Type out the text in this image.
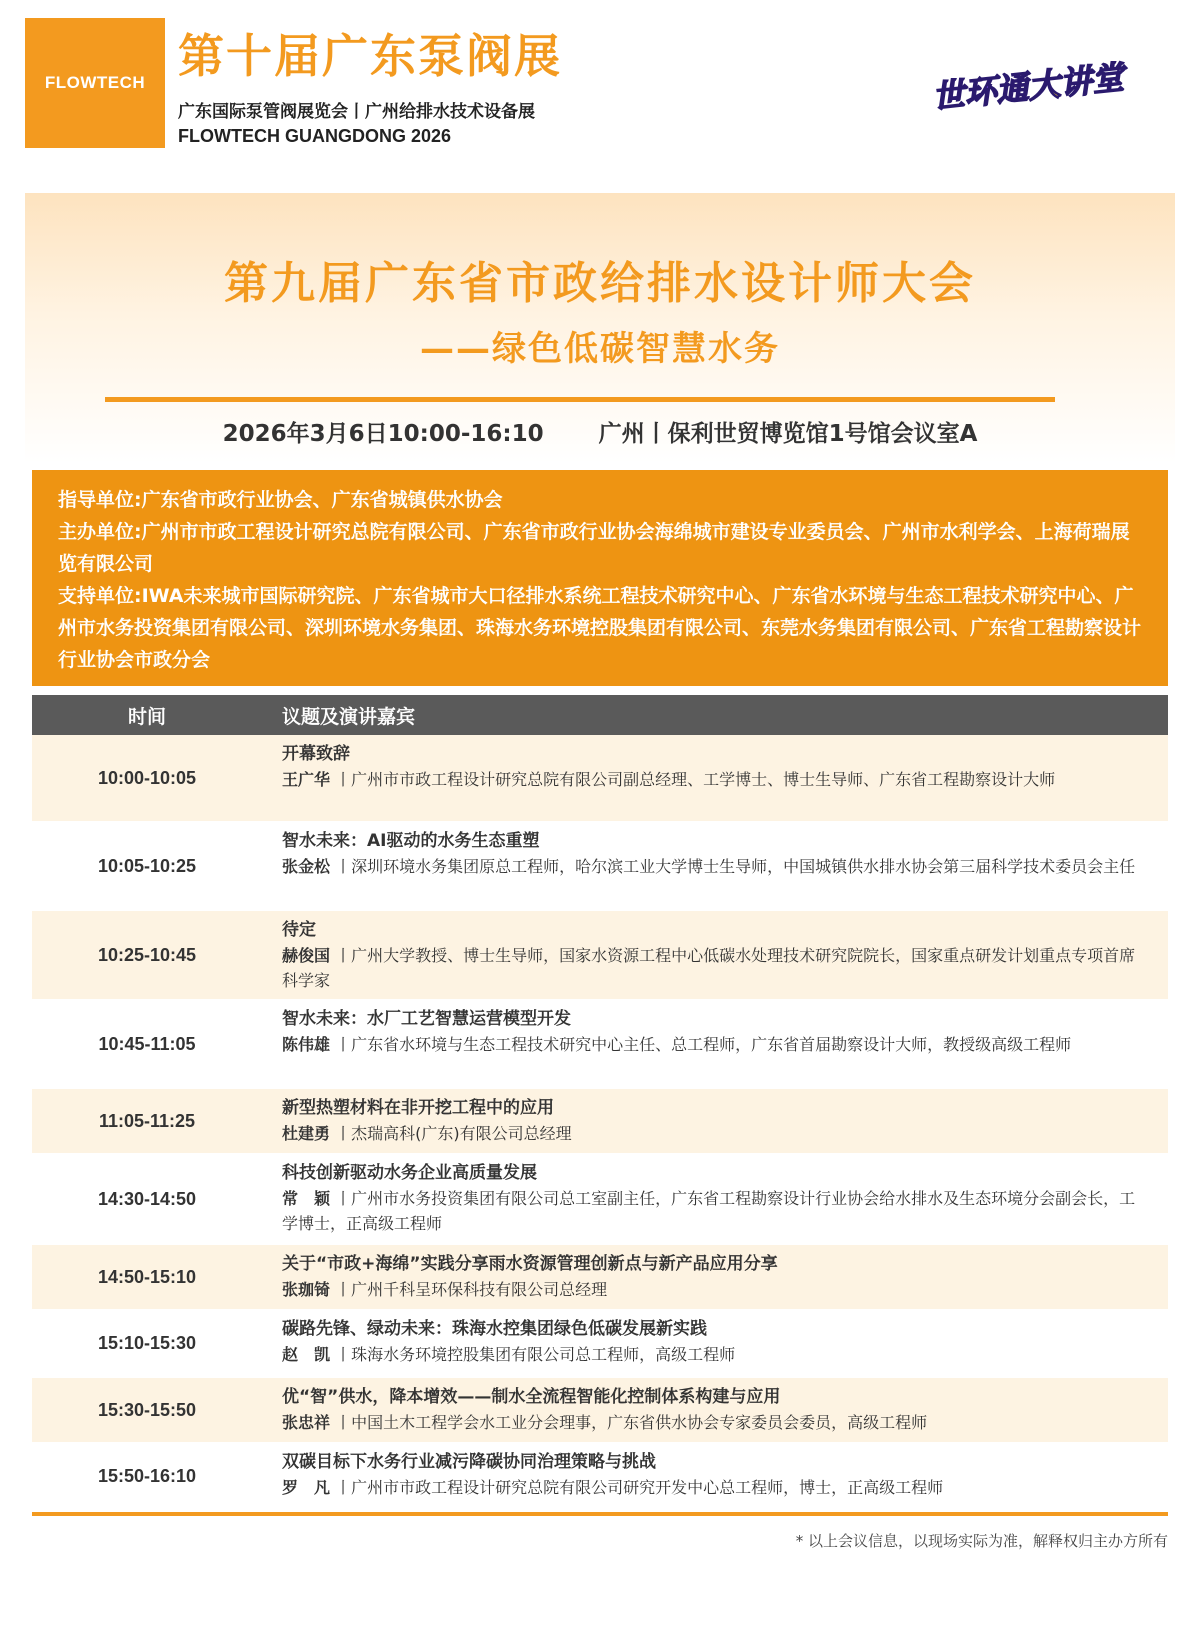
FLOWTECH 第十届广东泵阀展
广东国际泵管阀展览会丨广州给排水技术设备展
FLOWTECH GUANGDONG 2026
世环通大讲堂
第九届广东省市政给排水设计师大会
——绿色低碳智慧水务
2026年3月6日10:00-16:10 广州丨保利世贸博览馆1号馆会议室A
指导单位:广东省市政行业协会、广东省城镇供水协会
主办单位:广州市市政工程设计研究总院有限公司、广东省市政行业协会海绵城市建设专业委员会、广州市水利学会、上海荷瑞展览有限公司
支持单位:IWA未来城市国际研究院、广东省城市大口径排水系统工程技术研究中心、广东省水环境与生态工程技术研究中心、广州市水务投资集团有限公司、深圳环境水务集团、珠海水务环境控股集团有限公司、东莞水务集团有限公司、广东省工程勘察设计行业协会市政分会
时间	议题及演讲嘉宾
10:00-10:05
开幕致辞
王广华 丨广州市市政工程设计研究总院有限公司副总经理、工学博士、博士生导师、广东省工程勘察设计大师
10:05-10:25
智水未来：AI驱动的水务生态重塑
张金松 丨深圳环境水务集团原总工程师，哈尔滨工业大学博士生导师，中国城镇供水排水协会第三届科学技术委员会主任
10:25-10:45
待定
赫俊国 丨广州大学教授、博士生导师，国家水资源工程中心低碳水处理技术研究院院长，国家重点研发计划重点专项首席科学家
10:45-11:05
智水未来：水厂工艺智慧运营模型开发
陈伟雄 丨广东省水环境与生态工程技术研究中心主任、总工程师，广东省首届勘察设计大师，教授级高级工程师
11:05-11:25
新型热塑材料在非开挖工程中的应用
杜建勇 丨杰瑞高科(广东)有限公司总经理
14:30-14:50
科技创新驱动水务企业高质量发展
常　颖 丨广州市水务投资集团有限公司总工室副主任，广东省工程勘察设计行业协会给水排水及生态环境分会副会长，工学博士，正高级工程师
14:50-15:10
关于“市政+海绵”实践分享雨水资源管理创新点与新产品应用分享
张珈锜 丨广州千科呈环保科技有限公司总经理
15:10-15:30
碳路先锋、绿动未来：珠海水控集团绿色低碳发展新实践
赵　凯 丨珠海水务环境控股集团有限公司总工程师，高级工程师
15:30-15:50
优“智”供水，降本增效——制水全流程智能化控制体系构建与应用
张忠祥 丨中国土木工程学会水工业分会理事，广东省供水协会专家委员会委员，高级工程师
15:50-16:10
双碳目标下水务行业减污降碳协同治理策略与挑战
罗　凡 丨广州市市政工程设计研究总院有限公司研究开发中心总工程师，博士，正高级工程师
* 以上会议信息，以现场实际为准，解释权归主办方所有
